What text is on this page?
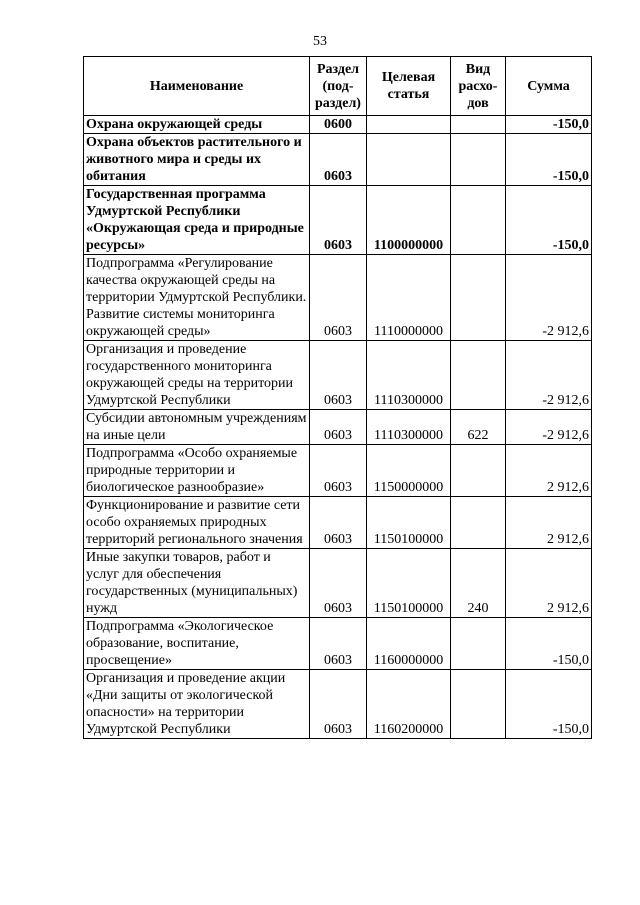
53
Наименование	Раздел (под-раздел)	Целевая статья	Вид расхо-дов	Сумма
Охрана окружающей среды	0600			-150,0
Охрана объектов растительного и животного мира и среды их обитания	0603			-150,0
Государственная программа Удмуртской Республики «Окружающая среда и природные ресурсы»	0603	1100000000		-150,0
Подпрограмма «Регулирование качества окружающей среды на территории Удмуртской Республики. Развитие системы мониторинга окружающей среды»	0603	1110000000		-2 912,6
Организация и проведение государственного мониторинга окружающей среды на территории Удмуртской Республики	0603	1110300000		-2 912,6
Субсидии автономным учреждениям на иные цели	0603	1110300000	622	-2 912,6
Подпрограмма «Особо охраняемые природные территории и биологическое разнообразие»	0603	1150000000		2 912,6
Функционирование и развитие сети особо охраняемых природных территорий регионального значения	0603	1150100000		2 912,6
Иные закупки товаров, работ и услуг для обеспечения государственных (муниципальных) нужд	0603	1150100000	240	2 912,6
Подпрограмма «Экологическое образование, воспитание, просвещение»	0603	1160000000		-150,0
Организация и проведение акции «Дни защиты от экологической опасности» на территории Удмуртской Республики	0603	1160200000		-150,0
